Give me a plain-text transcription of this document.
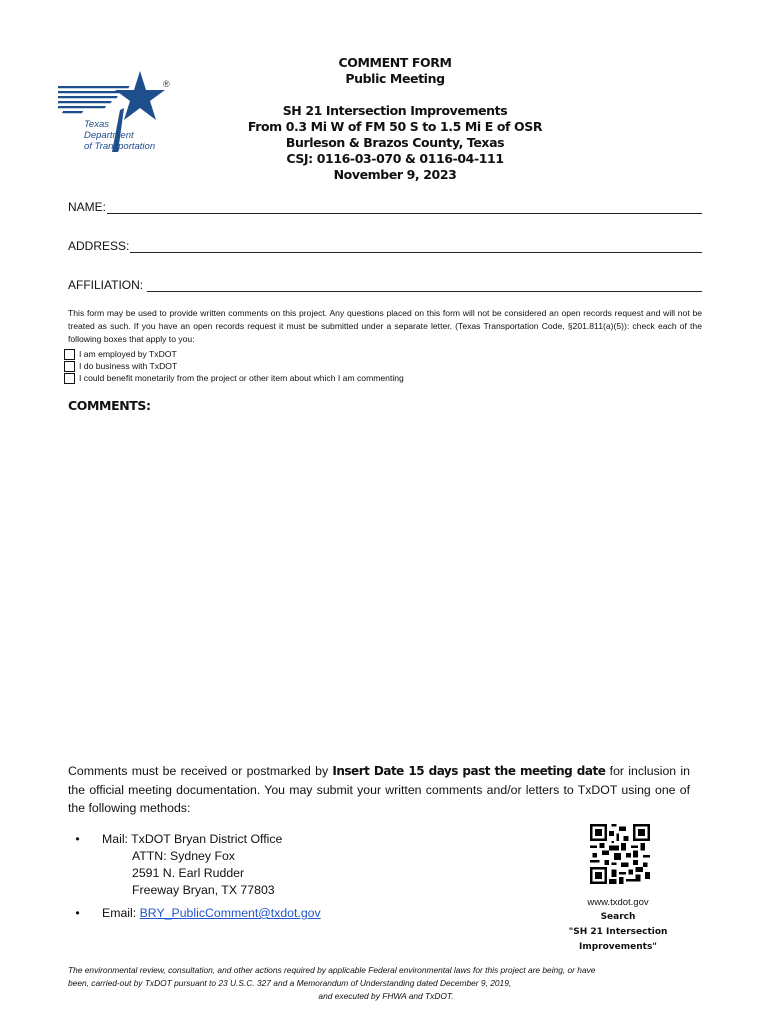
®
Texas
Department
of Transportation
COMMENT FORM
Public Meeting
SH 21 Intersection Improvements
From 0.3 Mi W of FM 50 S to 1.5 Mi E of OSR
Burleson & Brazos County, Texas
CSJ: 0116-03-070 & 0116-04-111
November 9, 2023
NAME:
ADDRESS:
AFFILIATION:
This form may be used to provide written comments on this project. Any questions placed on this form will not be considered an open records request and will not be treated as such. If you have an open records request it must be submitted under a separate letter. (Texas Transportation Code, §201.811(a)(5)): check each of the following boxes that apply to you:
I am employed by TxDOT
I do business with TxDOT
I could benefit monetarily from the project or other item about which I am commenting
COMMENTS:
Comments must be received or postmarked by Insert Date 15 days past the meeting date for inclusion in the official meeting documentation. You may submit your written comments and/or letters to TxDOT using one of the following methods:
• Mail: TxDOT Bryan District Office
ATTN: Sydney Fox
2591 N. Earl Rudder
Freeway Bryan, TX 77803
• Email: BRY_PublicComment@txdot.gov
www.txdot.gov
Search
"SH 21 Intersection
Improvements"
The environmental review, consultation, and other actions required by applicable Federal environmental laws for this project are being, or have
been, carried-out by TxDOT pursuant to 23 U.S.C. 327 and a Memorandum of Understanding dated December 9, 2019,
and executed by FHWA and TxDOT.
